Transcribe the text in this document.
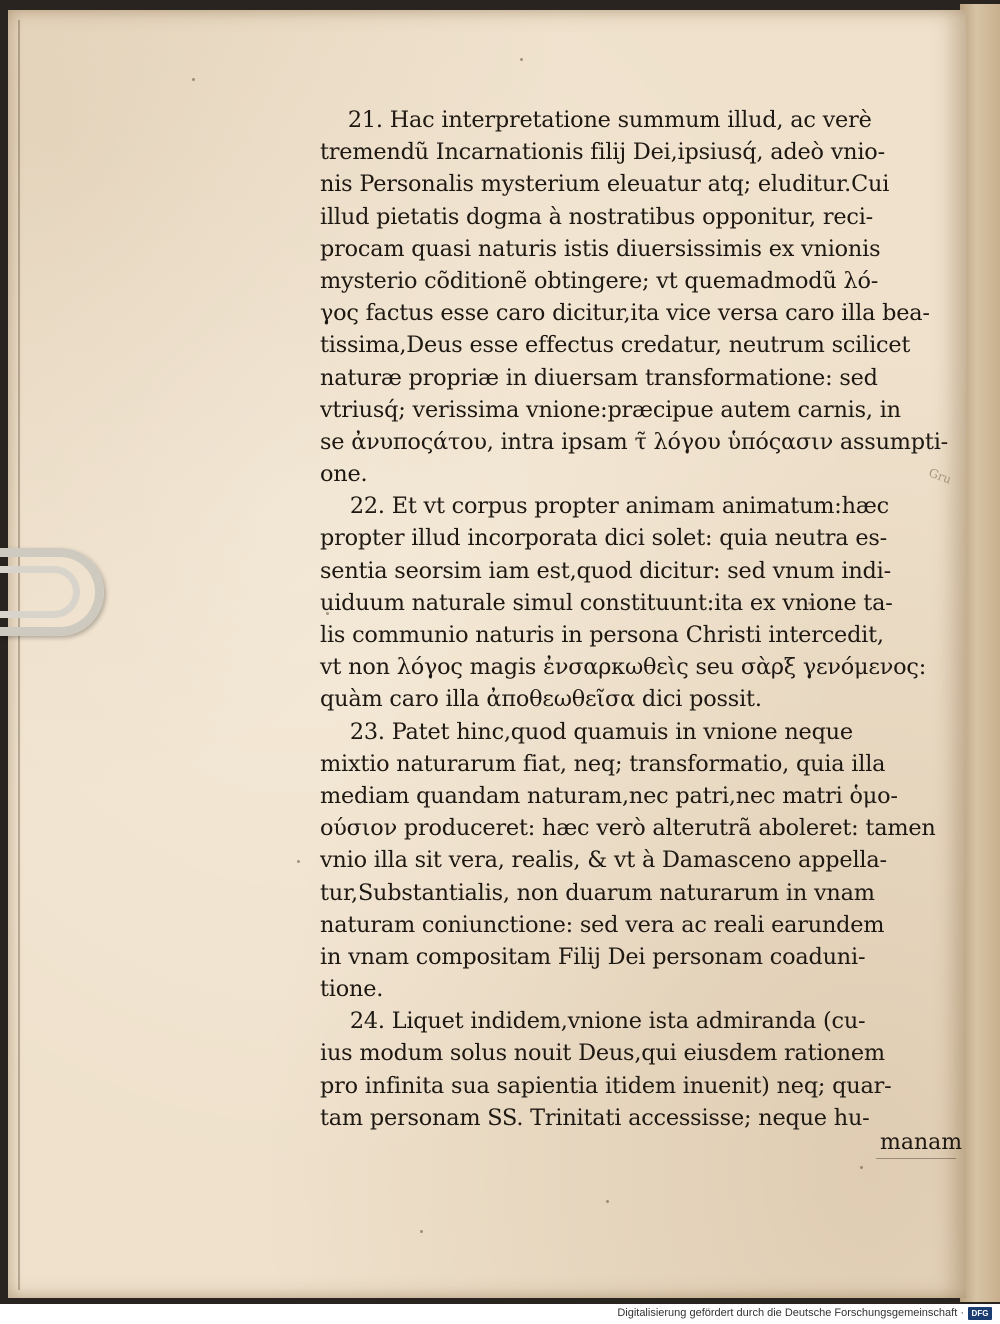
Gru
21. Hac interpretatione summum illud, ac verè
tremendũ Incarnationis filij Dei,ipsiusq́, adeò vnio-
nis Personalis mysterium eleuatur atq; eluditur.Cui
illud pietatis dogma à nostratibus opponitur, reci-
procam quasi naturis istis diuersissimis ex vnionis
mysterio cõditionẽ obtingere; vt quemadmodũ λό-
γος factus esse caro dicitur,ita vice versa caro illa bea-
tissima,Deus esse effectus credatur, neutrum scilicet
naturæ propriæ in diuersam transformatione: sed
vtriusq́; verissima vnione:præcipue autem carnis, in
se ἀνυποςάτου, intra ipsam τ̃ λόγου ὑπόςασιν assumpti-
one.
22. Et vt corpus propter animam animatum:hæc
propter illud incorporata dici solet: quia neutra es-
sentia seorsim iam est,quod dicitur: sed vnum indi-
uiduum naturale simul constituunt:ita ex vnione ta-
lis communio naturis in persona Christi intercedit,
vt non λόγος magis ἐνσαρκωθεὶς seu σὰρξ γενόμενος:
quàm caro illa ἀποθεωθεῖσα dici possit.
23. Patet hinc,quod quamuis in vnione neque
mixtio naturarum fiat, neq; transformatio, quia illa
mediam quandam naturam,nec patri,nec matri ὁμο-
ούσιον produceret: hæc verò alterutrã aboleret: tamen
vnio illa sit vera, realis, & vt à Damasceno appella-
tur,Substantialis, non duarum naturarum in vnam
naturam coniunctione: sed vera ac reali earundem
in vnam compositam Filij Dei personam coaduni-
tione.
24. Liquet indidem,vnione ista admiranda (cu-
ius modum solus nouit Deus,qui eiusdem rationem
pro infinita sua sapientia itidem inuenit) neq; quar-
tam personam SS. Trinitati accessisse; neque hu-
manam
Digitalisierung gefördert durch die Deutsche Forschungsgemeinschaft · DFG
